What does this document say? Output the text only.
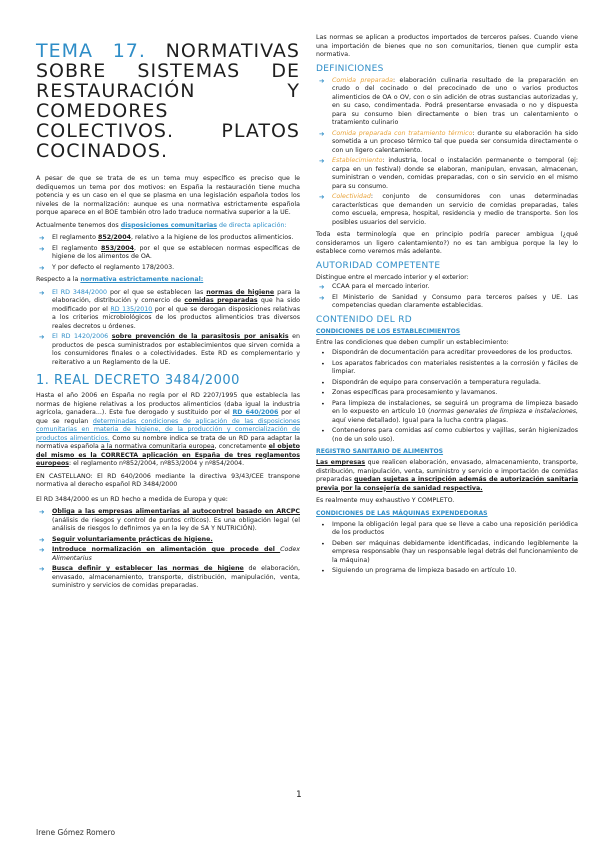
TEMA 17. NORMATIVAS SOBRE SISTEMAS DE RESTAURACIÓN Y COMEDORES COLECTIVOS. PLATOS COCINADOS.

A pesar de que se trata de es un tema muy específico es preciso que le dediquemos un tema por dos motivos: en España la restauración tiene mucha potencia y es un caso en el que se plasma en una legislación española todos los niveles de la normalización: aunque es una normativa estrictamente española porque aparece en el BOE también otro lado traduce normativa superior a la UE.

Actualmente tenemos dos disposiciones comunitarias de directa aplicación:

➔ El reglamento 852/2004, relativo a la higiene de los productos alimenticios.
➔ El reglamento 853/2004, por el que se establecen normas específicas de higiene de los alimentos de OA.
➔ Y por defecto el reglamento 178/2003.

Respecto a la normativa estrictamente nacional:

➔ El RD 3484/2000 por el que se establecen las normas de higiene para la elaboración, distribución y comercio de comidas preparadas que ha sido modificado por el RD 135/2010 por el que se derogan disposiciones relativas a los criterios microbiológicos de los productos alimenticios tras diversos reales decretos u órdenes.
➔ El RD 1420/2006 sobre prevención de la parasitosis por anisakis en productos de pesca suministrados por establecimientos que sirven comida a los consumidores finales o a colectividades. Este RD es complementario y reiterativo a un Reglamento de la UE.
1. REAL DECRETO 3484/2000

Hasta el año 2006 en España no regía por el RD 2207/1995 que establecía las normas de higiene relativas a los productos alimenticios (daba igual la industria agrícola, ganadera...). Este fue derogado y sustituido por el RD 640/2006 por el que se regulan determinadas condiciones de aplicación de las disposiciones comunitarias en materia de higiene, de la producción y comercialización de productos alimenticios. Como su nombre indica se trata de un RD para adaptar la normativa española a la normativa comunitaria europea, concretamente el objeto del mismo es la CORRECTA aplicación en España de tres reglamentos europeos: el reglamento nº852/2004, nº853/2004 y nº854/2004.

EN CASTELLANO: El RD 640/2006 mediante la directiva 93/43/CEE transpone normativa al derecho español RD 3484/2000

El RD 3484/2000 es un RD hecho a medida de Europa y que:

➔ Obliga a las empresas alimentarias al autocontrol basado en ARCPC (análisis de riesgos y control de puntos críticos). Es una obligación legal (el análisis de riesgos lo definimos ya en la ley de SA Y NUTRICIÓN).
➔ Seguir voluntariamente prácticas de higiene.
➔ Introduce normalización en alimentación que procede del Codex Alimentarius
➔ Busca definir y establecer las normas de higiene de elaboración, envasado, almacenamiento, transporte, distribución, manipulación, venta, suministro y servicios de comidas preparadas.

Las normas se aplican a productos importados de terceros países. Cuando viene una importación de bienes que no son comunitarios, tienen que cumplir esta normativa.

DEFINICIONES
➔ Comida preparada: elaboración culinaria resultado de la preparación en crudo o del cocinado o del precocinado de uno o varios productos alimenticios de OA o OV, con o sin adición de otras sustancias autorizadas y, en su caso, condimentada. Podrá presentarse envasada o no y dispuesta para su consumo bien directamente o bien tras un calentamiento o tratamiento culinario
➔ Comida preparada con tratamiento térmico: durante su elaboración ha sido sometida a un proceso térmico tal que pueda ser consumida directamente o con un ligero calentamiento.
➔ Establecimiento: industria, local o instalación permanente o temporal (ej: carpa en un festival) donde se elaboran, manipulan, envasan, almacenan, suministran o venden, comidas preparadas, con o sin servicio en el mismo para su consumo.
➔ Colectividad: conjunto de consumidores con unas determinadas características que demanden un servicio de comidas preparadas, tales como escuela, empresa, hospital, residencia y medio de transporte. Son los posibles usuarios del servicio.

Toda esta terminología que en principio podría parecer ambigua (¿qué consideramos un ligero calentamiento?) no es tan ambigua porque la ley lo establece como veremos más adelante.

AUTORIDAD COMPETENTE

Distingue entre el mercado interior y el exterior:

➔ CCAA para el mercado interior.
➔ El Ministerio de Sanidad y Consumo para terceros países y UE. Las competencias quedan claramente establecidas.
CONTENIDO DEL RD
CONDICIONES DE LOS ESTABLECIMIENTOS

Entre las condiciones que deben cumplir un establecimiento:

• Dispondrán de documentación para acreditar proveedores de los productos.
• Los aparatos fabricados con materiales resistentes a la corrosión y fáciles de limpiar.
• Dispondrán de equipo para conservación a temperatura regulada.
• Zonas específicas para procesamiento y lavamanos.
• Para limpieza de instalaciones, se seguirá un programa de limpieza basado en lo expuesto en artículo 10 (normas generales de limpieza e instalaciones, aquí viene detallado). Igual para la lucha contra plagas.
• Contenedores para comidas así como cubiertos y vajillas, serán higienizados (no de un solo uso).
REGISTRO SANITARIO DE ALIMENTOS

Las empresas que realicen elaboración, envasado, almacenamiento, transporte, distribución, manipulación, venta, suministro y servicio e importación de comidas preparadas quedan sujetas a inscripción además de autorización sanitaria previa por la consejería de sanidad respectiva.

Es realmente muy exhaustivo Y COMPLETO.

CONDICIONES DE LAS MÁQUINAS EXPENDEDORAS
• Impone la obligación legal para que se lleve a cabo una reposición periódica de los productos
• Deben ser máquinas debidamente identificadas, indicando legiblemente la empresa responsable (hay un responsable legal detrás del funcionamiento de la máquina)
• Siguiendo un programa de limpieza basado en artículo 10.
1
Irene Gómez Romero
